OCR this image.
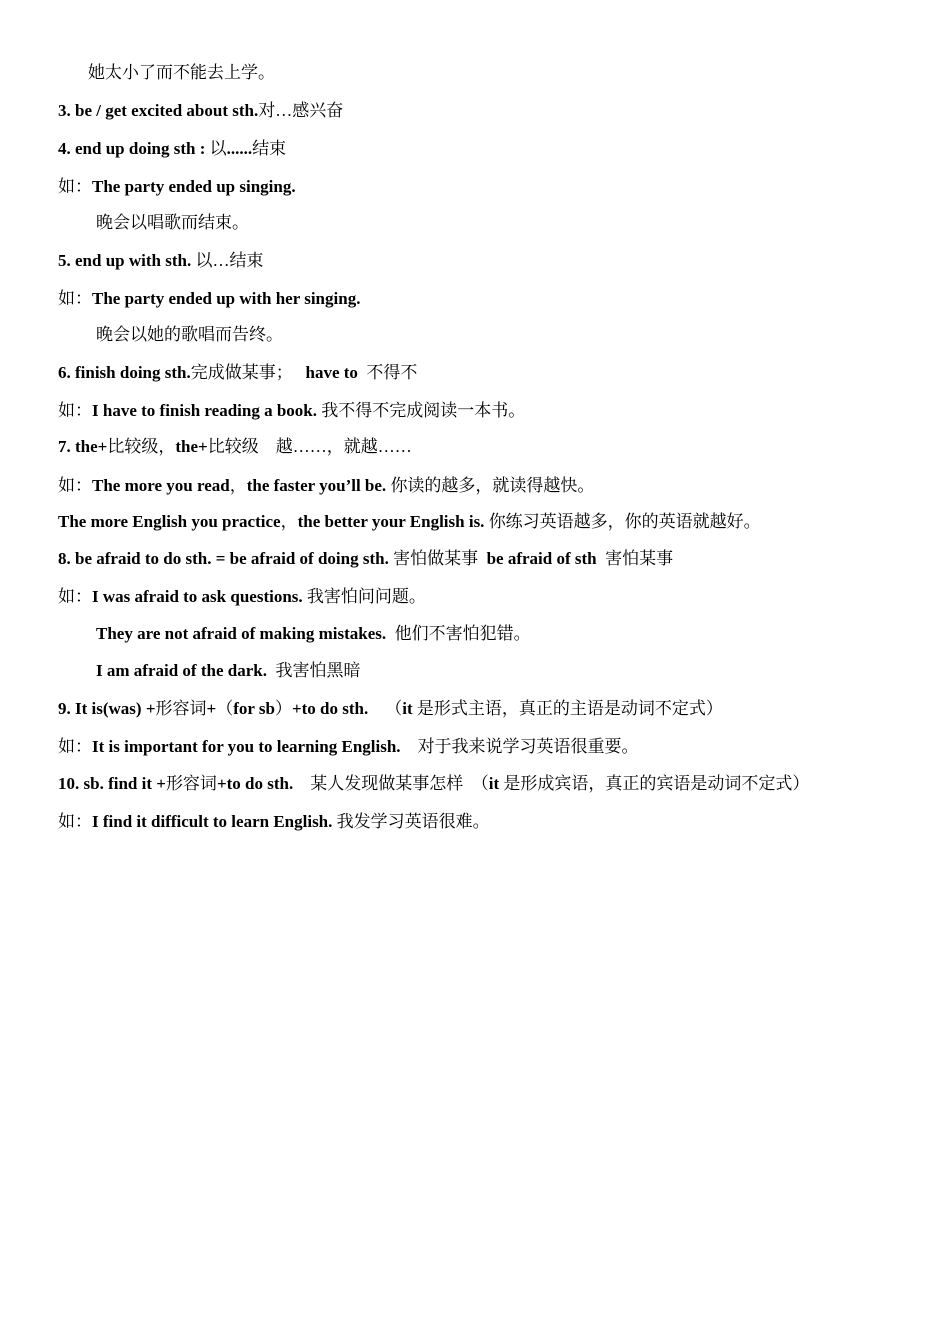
她太小了而不能去上学。
3. be / get excited about sth.对…感兴奋
4. end up doing sth : 以......结束
如：The party ended up singing.
晚会以唱歌而结束。
5. end up with sth. 以…结束
如：The party ended up with her singing.
晚会以她的歌唱而告终。
6. finish doing sth.完成做某事；   have to  不得不
如：I have to finish reading a book. 我不得不完成阅读一本书。
7. the+比较级，the+比较级    越……，就越……
如：The more you read，the faster you’ll be. 你读的越多，就读得越快。
The more English you practice，the better your English is. 你练习英语越多，你的英语就越好。
8. be afraid to do sth. = be afraid of doing sth. 害怕做某事  be afraid of sth  害怕某事
如：I was afraid to ask questions. 我害怕问问题。
They are not afraid of making mistakes.  他们不害怕犯错。
I am afraid of the dark.  我害怕黑暗
9. It is(was) +形容词+（for sb）+to do sth.    （it 是形式主语，真正的主语是动词不定式）
如：It is important for you to learning English.    对于我来说学习英语很重要。
10. sb. find it +形容词+to do sth.    某人发现做某事怎样  （it 是形成宾语，真正的宾语是动词不定式）
如：I find it difficult to learn English. 我发学习英语很难。
